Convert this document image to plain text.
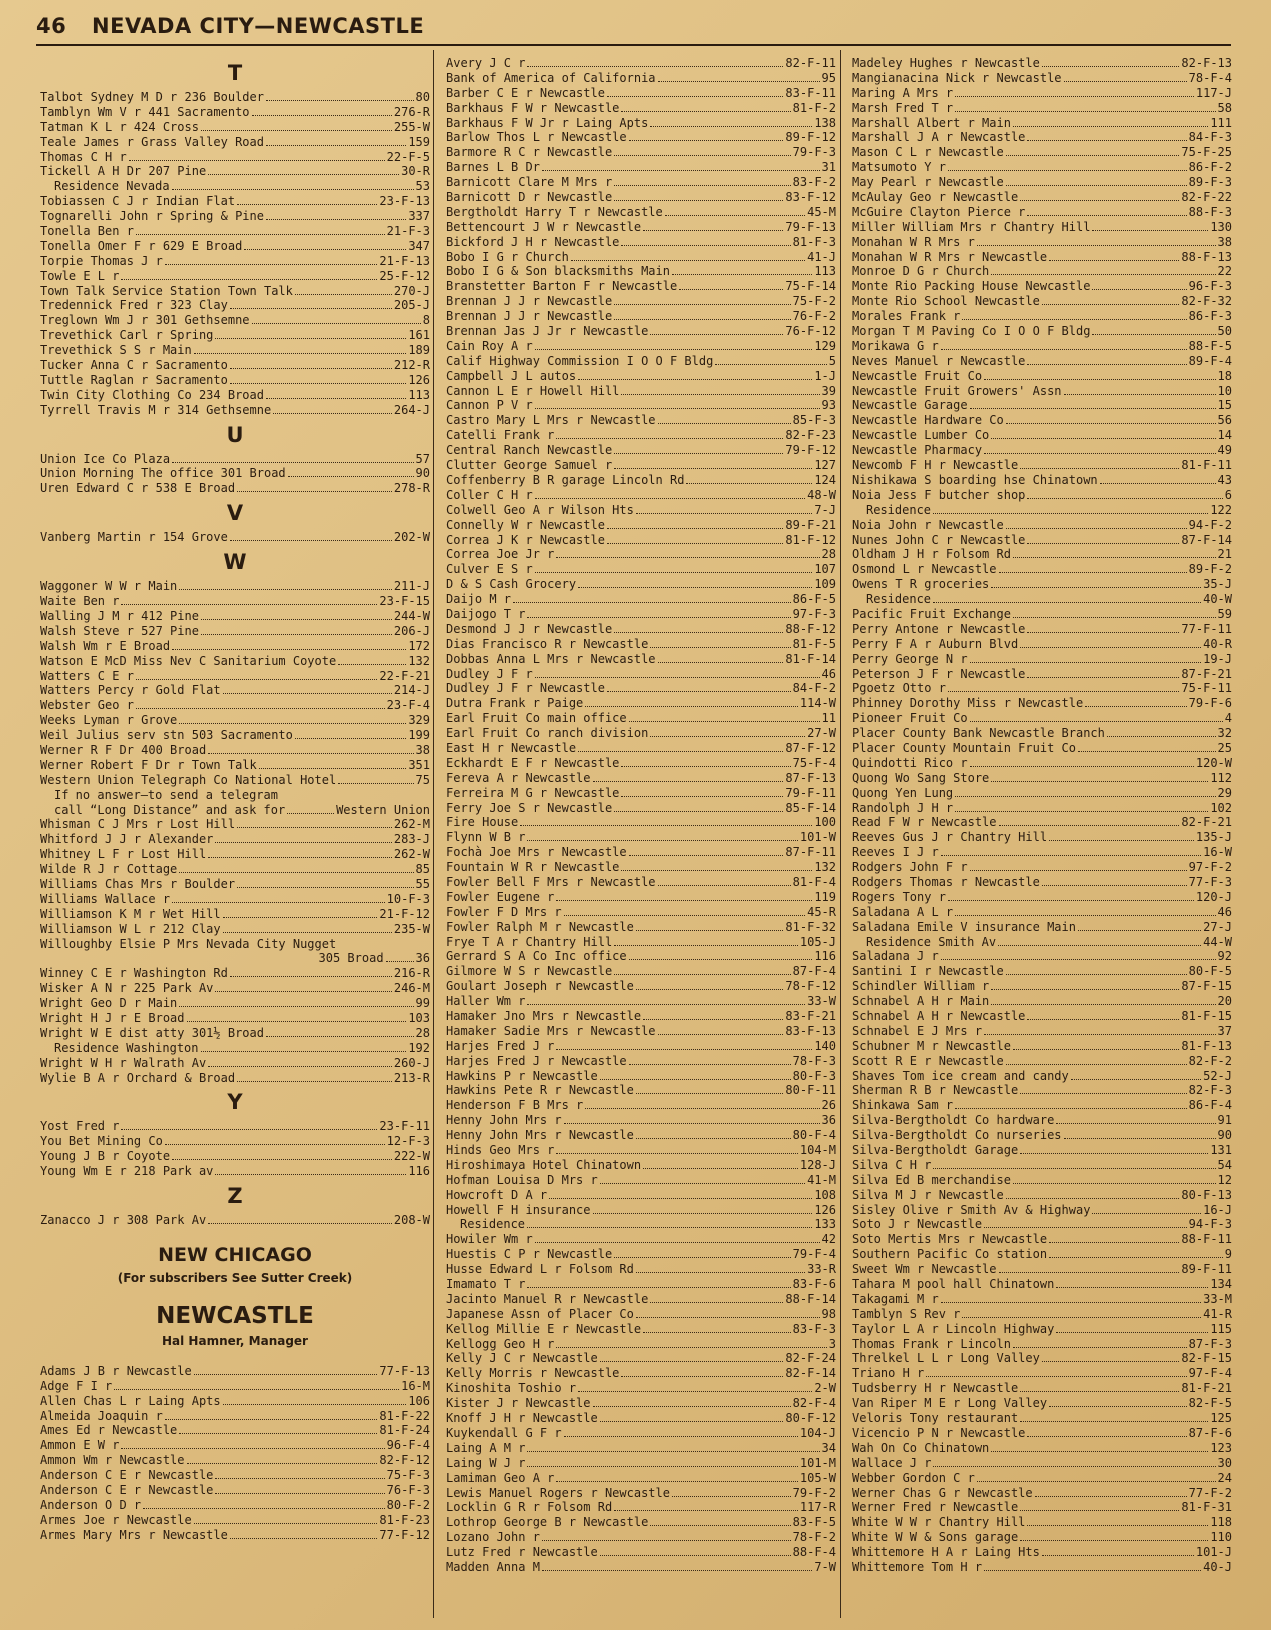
46 NEVADA CITY—NEWCASTLE
T
Talbot Sydney M D r 236 Boulder	80
Tamblyn Wm V r 441 Sacramento	276-R
Tatman K L r 424 Cross	255-W
Teale James r Grass Valley Road	159
Thomas C H r	22-F-5
Tickell A H Dr 207 Pine	30-R
Residence Nevada	53
Tobiassen C J r Indian Flat	23-F-13
Tognarelli John r Spring & Pine	337
Tonella Ben r	21-F-3
Tonella Omer F r 629 E Broad	347
Torpie Thomas J r	21-F-13
Towle E L r	25-F-12
Town Talk Service Station Town Talk	270-J
Tredennick Fred r 323 Clay	205-J
Treglown Wm J r 301 Gethsemne	8
Trevethick Carl r Spring	161
Trevethick S S r Main	189
Tucker Anna C r Sacramento	212-R
Tuttle Raglan r Sacramento	126
Twin City Clothing Co 234 Broad	113
Tyrrell Travis M r 314 Gethsemne	264-J
U
Union Ice Co Plaza	57
Union Morning The office 301 Broad	90
Uren Edward C r 538 E Broad	278-R
V
Vanberg Martin r 154 Grove	202-W
W
Waggoner W W r Main	211-J
Waite Ben r	23-F-15
Walling J M r 412 Pine	244-W
Walsh Steve r 527 Pine	206-J
Walsh Wm r E Broad	172
Watson E McD Miss Nev C Sanitarium Coyote	132
Watters C E r	22-F-21
Watters Percy r Gold Flat	214-J
Webster Geo r	23-F-4
Weeks Lyman r Grove	329
Weil Julius serv stn 503 Sacramento	199
Werner R F Dr 400 Broad	38
Werner Robert F Dr r Town Talk	351
Western Union Telegraph Co National Hotel	75
If no answer—to send a telegram
call “Long Distance” and ask for	Western Union
Whisman C J Mrs r Lost Hill	262-M
Whitford J J r Alexander	283-J
Whitney L F r Lost Hill	262-W
Wilde R J r Cottage	85
Williams Chas Mrs r Boulder	55
Williams Wallace r	10-F-3
Williamson K M r Wet Hill	21-F-12
Williamson W L r 212 Clay	235-W
Willoughby Elsie P Mrs Nevada City Nugget
305 Broad	36
Winney C E r Washington Rd	216-R
Wisker A N r 225 Park Av	246-M
Wright Geo D r Main	99
Wright H J r E Broad	103
Wright W E dist atty 301½ Broad	28
Residence Washington	192
Wright W H r Walrath Av	260-J
Wylie B A r Orchard & Broad	213-R
Y
Yost Fred r	23-F-11
You Bet Mining Co	12-F-3
Young J B r Coyote	222-W
Young Wm E r 218 Park av	116
Z
Zanacco J r 308 Park Av	208-W
NEW CHICAGO
(For subscribers See Sutter Creek)
NEWCASTLE
Hal Hamner, Manager
Adams J B r Newcastle	77-F-13
Adge F I r	16-M
Allen Chas L r Laing Apts	106
Almeida Joaquin r	81-F-22
Ames Ed r Newcastle	81-F-24
Ammon E W r	96-F-4
Ammon Wm r Newcastle	82-F-12
Anderson C E r Newcastle	75-F-3
Anderson C E r Newcastle	76-F-3
Anderson O D r	80-F-2
Armes Joe r Newcastle	81-F-23
Armes Mary Mrs r Newcastle	77-F-12
Avery J C r	82-F-11
Bank of America of California	95
Barber C E r Newcastle	83-F-11
Barkhaus F W r Newcastle	81-F-2
Barkhaus F W Jr r Laing Apts	138
Barlow Thos L r Newcastle	89-F-12
Barmore R C r Newcastle	79-F-3
Barnes L B Dr	31
Barnicott Clare M Mrs r	83-F-2
Barnicott D r Newcastle	83-F-12
Bergtholdt Harry T r Newcastle	45-M
Bettencourt J W r Newcastle	79-F-13
Bickford J H r Newcastle	81-F-3
Bobo I G r Church	41-J
Bobo I G & Son blacksmiths Main	113
Branstetter Barton F r Newcastle	75-F-14
Brennan J J r Newcastle	75-F-2
Brennan J J r Newcastle	76-F-2
Brennan Jas J Jr r Newcastle	76-F-12
Cain Roy A r	129
Calif Highway Commission I O O F Bldg	5
Campbell J L autos	1-J
Cannon L E r Howell Hill	39
Cannon P V r	93
Castro Mary L Mrs r Newcastle	85-F-3
Catelli Frank r	82-F-23
Central Ranch Newcastle	79-F-12
Clutter George Samuel r	127
Coffenberry B R garage Lincoln Rd	124
Coller C H r	48-W
Colwell Geo A r Wilson Hts	7-J
Connelly W r Newcastle	89-F-21
Correa J K r Newcastle	81-F-12
Correa Joe Jr r	28
Culver E S r	107
D & S Cash Grocery	109
Daijo M r	86-F-5
Daijogo T r	97-F-3
Desmond J J r Newcastle	88-F-12
Dias Francisco R r Newcastle	81-F-5
Dobbas Anna L Mrs r Newcastle	81-F-14
Dudley J F r	46
Dudley J F r Newcastle	84-F-2
Dutra Frank r Paige	114-W
Earl Fruit Co main office	11
Earl Fruit Co ranch division	27-W
East H r Newcastle	87-F-12
Eckhardt E F r Newcastle	75-F-4
Fereva A r Newcastle	87-F-13
Ferreira M G r Newcastle	79-F-11
Ferry Joe S r Newcastle	85-F-14
Fire House	100
Flynn W B r	101-W
Fochà Joe Mrs r Newcastle	87-F-11
Fountain W R r Newcastle	132
Fowler Bell F Mrs r Newcastle	81-F-4
Fowler Eugene r	119
Fowler F D Mrs r	45-R
Fowler Ralph M r Newcastle	81-F-32
Frye T A r Chantry Hill	105-J
Gerrard S A Co Inc office	116
Gilmore W S r Newcastle	87-F-4
Goulart Joseph r Newcastle	78-F-12
Haller Wm r	33-W
Hamaker Jno Mrs r Newcastle	83-F-21
Hamaker Sadie Mrs r Newcastle	83-F-13
Harjes Fred J r	140
Harjes Fred J r Newcastle	78-F-3
Hawkins P r Newcastle	80-F-3
Hawkins Pete R r Newcastle	80-F-11
Henderson F B Mrs r	26
Henny John Mrs r	36
Henny John Mrs r Newcastle	80-F-4
Hinds Geo Mrs r	104-M
Hiroshimaya Hotel Chinatown	128-J
Hofman Louisa D Mrs r	41-M
Howcroft D A r	108
Howell F H insurance	126
Residence	133
Howiler Wm r	42
Huestis C P r Newcastle	79-F-4
Husse Edward L r Folsom Rd	33-R
Imamato T r	83-F-6
Jacinto Manuel R r Newcastle	88-F-14
Japanese Assn of Placer Co	98
Kellog Millie E r Newcastle	83-F-3
Kellogg Geo H r	3
Kelly J C r Newcastle	82-F-24
Kelly Morris r Newcastle	82-F-14
Kinoshita Toshio r	2-W
Kister J r Newcastle	82-F-4
Knoff J H r Newcastle	80-F-12
Kuykendall G F r	104-J
Laing A M r	34
Laing W J r	101-M
Lamiman Geo A r	105-W
Lewis Manuel Rogers r Newcastle	79-F-2
Locklin G R r Folsom Rd	117-R
Lothrop George B r Newcastle	83-F-5
Lozano John r	78-F-2
Lutz Fred r Newcastle	88-F-4
Madden Anna M	7-W
Madeley Hughes r Newcastle	82-F-13
Mangianacina Nick r Newcastle	78-F-4
Maring A Mrs r	117-J
Marsh Fred T r	58
Marshall Albert r Main	111
Marshall J A r Newcastle	84-F-3
Mason C L r Newcastle	75-F-25
Matsumoto Y r	86-F-2
May Pearl r Newcastle	89-F-3
McAulay Geo r Newcastle	82-F-22
McGuire Clayton Pierce r	88-F-3
Miller William Mrs r Chantry Hill	130
Monahan W R Mrs r	38
Monahan W R Mrs r Newcastle	88-F-13
Monroe D G r Church	22
Monte Rio Packing House Newcastle	96-F-3
Monte Rio School Newcastle	82-F-32
Morales Frank r	86-F-3
Morgan T M Paving Co I O O F Bldg	50
Morikawa G r	88-F-5
Neves Manuel r Newcastle	89-F-4
Newcastle Fruit Co	18
Newcastle Fruit Growers' Assn	10
Newcastle Garage	15
Newcastle Hardware Co	56
Newcastle Lumber Co	14
Newcastle Pharmacy	49
Newcomb F H r Newcastle	81-F-11
Nishikawa S boarding hse Chinatown	43
Noia Jess F butcher shop	6
Residence	122
Noia John r Newcastle	94-F-2
Nunes John C r Newcastle	87-F-14
Oldham J H r Folsom Rd	21
Osmond L r Newcastle	89-F-2
Owens T R groceries	35-J
Residence	40-W
Pacific Fruit Exchange	59
Perry Antone r Newcastle	77-F-11
Perry F A r Auburn Blvd	40-R
Perry George N r	19-J
Peterson J F r Newcastle	87-F-21
Pgoetz Otto r	75-F-11
Phinney Dorothy Miss r Newcastle	79-F-6
Pioneer Fruit Co	4
Placer County Bank Newcastle Branch	32
Placer County Mountain Fruit Co	25
Quindotti Rico r	120-W
Quong Wo Sang Store	112
Quong Yen Lung	29
Randolph J H r	102
Read F W r Newcastle	82-F-21
Reeves Gus J r Chantry Hill	135-J
Reeves I J r	16-W
Rodgers John F r	97-F-2
Rodgers Thomas r Newcastle	77-F-3
Rogers Tony r	120-J
Saladana A L r	46
Saladana Emile V insurance Main	27-J
Residence Smith Av	44-W
Saladana J r	92
Santini I r Newcastle	80-F-5
Schindler William r	87-F-15
Schnabel A H r Main	20
Schnabel A H r Newcastle	81-F-15
Schnabel E J Mrs r	37
Schubner M r Newcastle	81-F-13
Scott R E r Newcastle	82-F-2
Shaves Tom ice cream and candy	52-J
Sherman R B r Newcastle	82-F-3
Shinkawa Sam r	86-F-4
Silva-Bergtholdt Co hardware	91
Silva-Bergtholdt Co nurseries	90
Silva-Bergtholdt Garage	131
Silva C H r	54
Silva Ed B merchandise	12
Silva M J r Newcastle	80-F-13
Sisley Olive r Smith Av & Highway	16-J
Soto J r Newcastle	94-F-3
Soto Mertis Mrs r Newcastle	88-F-11
Southern Pacific Co station	9
Sweet Wm r Newcastle	89-F-11
Tahara M pool hall Chinatown	134
Takagami M r	33-M
Tamblyn S Rev r	41-R
Taylor L A r Lincoln Highway	115
Thomas Frank r Lincoln	87-F-3
Threlkel L L r Long Valley	82-F-15
Triano H r	97-F-4
Tudsberry H r Newcastle	81-F-21
Van Riper M E r Long Valley	82-F-5
Veloris Tony restaurant	125
Vicencio P N r Newcastle	87-F-6
Wah On Co Chinatown	123
Wallace J r	30
Webber Gordon C r	24
Werner Chas G r Newcastle	77-F-2
Werner Fred r Newcastle	81-F-31
White W W r Chantry Hill	118
White W W & Sons garage	110
Whittemore H A r Laing Hts	101-J
Whittemore Tom H r	40-J
